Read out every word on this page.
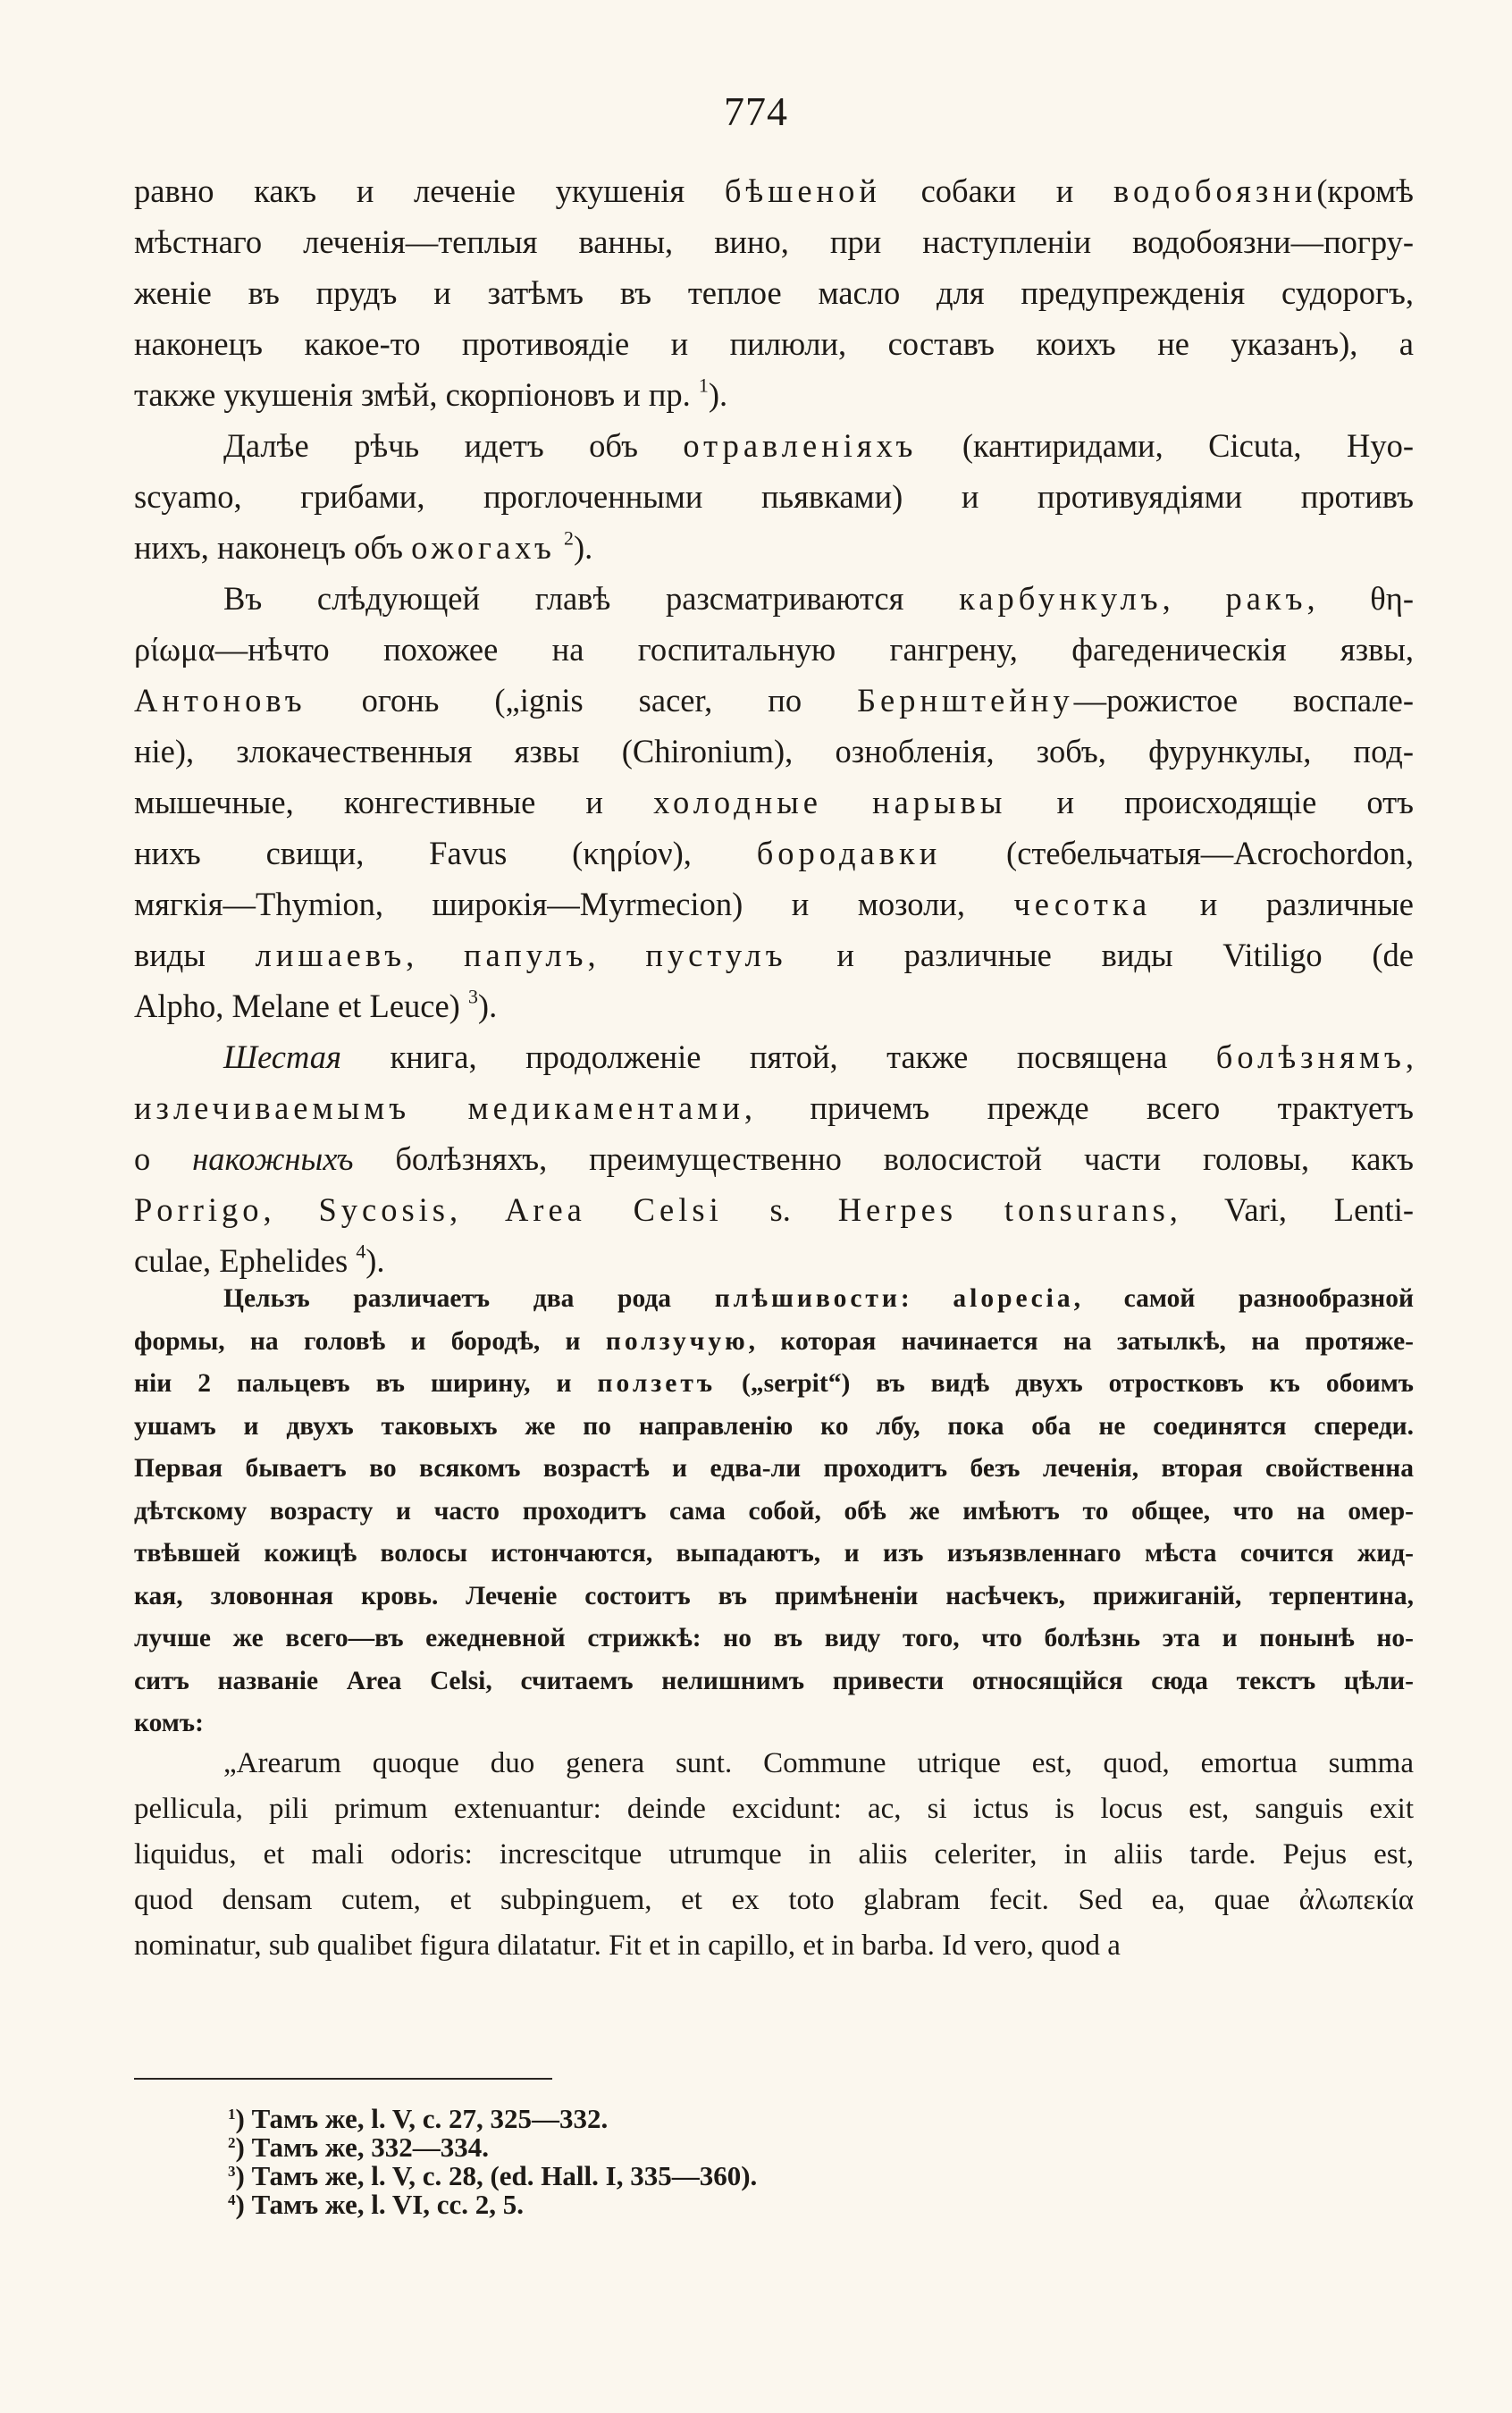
774
равно какъ и леченіе укушенія бѣшеной собаки и водобоязни(кромѣ
мѣстнаго леченія—теплыя ванны, вино, при наступленіи водобоязни—погру-
женіе въ прудъ и затѣмъ въ теплое масло для предупрежденія судорогъ,
наконецъ какое-то противоядіе и пилюли, составъ коихъ не указанъ), а
также укушенія змѣй, скорпіоновъ и пр. $^1$).
Далѣе рѣчь идетъ объ отравленіяхъ (кантиридами, Cicuta, Hyo-
scyamo, грибами, проглоченными пьявками) и противуядіями противъ
нихъ, наконецъ объ ожогахъ $^2$).
Въ слѣдующей главѣ разсматриваются карбункулъ, ракъ, θη-
ρίωμα—нѣчто похожее на госпитальную гангрену, фагеденическія язвы,
Антоновъ огонь („ignis sacer, по Бернштейну—рожистое воспале-
ніе), злокачественныя язвы (Chironium), ознобленія, зобъ, фурункулы, под-
мышечные, конгестивные и холодные нарывы и происходящіе отъ
нихъ свищи, Favus (κηρίον), бородавки (стебельчатыя—Acrochordon,
мягкія—Thymion, широкія—Myrmecion) и мозоли, чесотка и различные
виды лишаевъ, папулъ, пустулъ и различные виды Vitiligo (de
Alpho, Melane et Leuce) $^3$).
Шестая книга, продолженіе пятой, также посвящена болѣзнямъ,
излечиваемымъ медикаментами, причемъ прежде всего трактуетъ
о накожныхъ болѣзняхъ, преимущественно волосистой части головы, какъ
Porrigo, Sycosis, Area Celsi s. Herpes tonsurans, Vari, Lenti-
culae, Ephelides $^4$).
Цельзъ различаетъ два рода плѣшивости: alopecia, самой разнообразной
формы, на головѣ и бородѣ, и ползучую, которая начинается на затылкѣ, на протяже-
ніи 2 пальцевъ въ ширину, и ползетъ („serpit“) въ видѣ двухъ отростковъ къ обоимъ
ушамъ и двухъ таковыхъ же по направленію ко лбу, пока оба не соединятся спереди.
Первая бываетъ во всякомъ возрастѣ и едва-ли проходитъ безъ леченія, вторая свойственна
дѣтскому возрасту и часто проходитъ сама собой, обѣ же имѣютъ то общее, что на омер-
твѣвшей кожицѣ волосы истончаются, выпадаютъ, и изъ изъязвленнаго мѣста сочится жид-
кая, зловонная кровь. Леченіе состоитъ въ примѣненіи насѣчекъ, прижиганій, терпентина,
лучше же всего—въ ежедневной стрижкѣ: но въ виду того, что болѣзнь эта и понынѣ но-
ситъ названіе Area Celsi, считаемъ нелишнимъ привести относящійся сюда текстъ цѣли-
комъ:
„Arearum quoque duo genera sunt. Commune utrique est, quod, emortua summa
pellicula, pili primum extenuantur: deinde excidunt: ac, si ictus is locus est, sanguis exit
liquidus, et mali odoris: increscitque utrumque in aliis celeriter, in aliis tarde. Pejus est,
quod densam cutem, et subpinguem, et ex toto glabram fecit. Sed ea, quae ἀλωπεκία
nominatur, sub qualibet figura dilatatur. Fit et in capillo, et in barba. Id vero, quod a
$^1$) Тамъ же, l. V, c. 27, 325—332.
$^2$) Тамъ же, 332—334.
$^3$) Тамъ же, l. V, c. 28, (ed. Hall. I, 335—360).
$^4$) Тамъ же, l. VI, cc. 2, 5.
